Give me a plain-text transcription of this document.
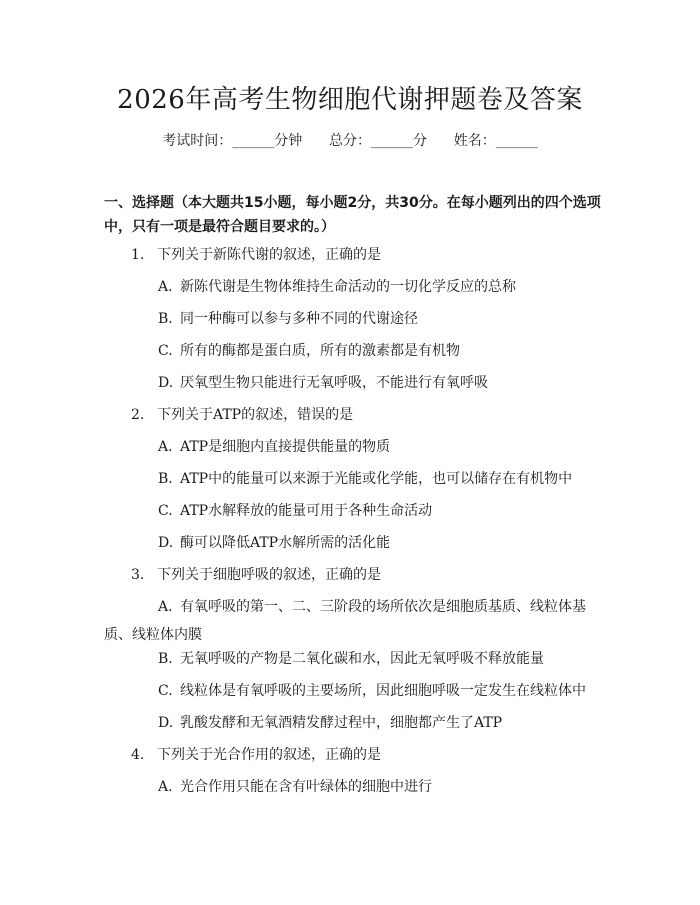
2026年高考生物细胞代谢押题卷及答案
考试时间：______分钟 总分：______分 姓名：______
一、选择题（本大题共15小题，每小题2分，共30分。在每小题列出的四个选项中，只有一项是最符合题目要求的。）
1. 下列关于新陈代谢的叙述，正确的是
A. 新陈代谢是生物体维持生命活动的一切化学反应的总称
B. 同一种酶可以参与多种不同的代谢途径
C. 所有的酶都是蛋白质，所有的激素都是有机物
D. 厌氧型生物只能进行无氧呼吸，不能进行有氧呼吸
2. 下列关于ATP的叙述，错误的是
A. ATP是细胞内直接提供能量的物质
B. ATP中的能量可以来源于光能或化学能，也可以储存在有机物中
C. ATP水解释放的能量可用于各种生命活动
D. 酶可以降低ATP水解所需的活化能
3. 下列关于细胞呼吸的叙述，正确的是
A. 有氧呼吸的第一、二、三阶段的场所依次是细胞质基质、线粒体基质、线粒体内膜
B. 无氧呼吸的产物是二氧化碳和水，因此无氧呼吸不释放能量
C. 线粒体是有氧呼吸的主要场所，因此细胞呼吸一定发生在线粒体中
D. 乳酸发酵和无氧酒精发酵过程中，细胞都产生了ATP
4. 下列关于光合作用的叙述，正确的是
A. 光合作用只能在含有叶绿体的细胞中进行
